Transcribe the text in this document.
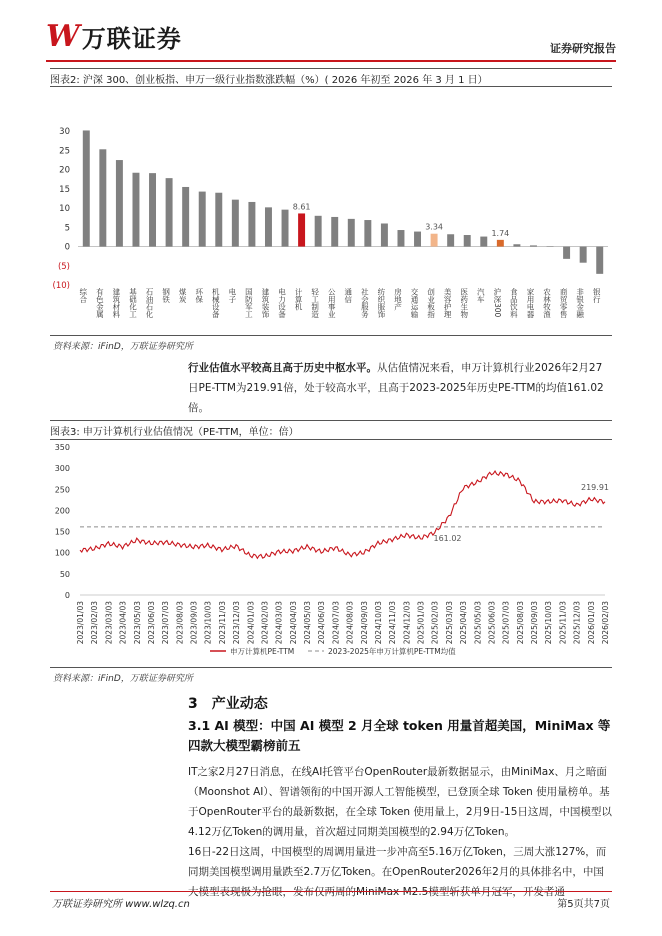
W 万联证券	证券研究报告
图表2: 沪深 300、创业板指、申万一级行业指数涨跌幅（%）( 2026 年初至 2026 年 3 月 1 日）
(10)
(5)
0
5
10
15
20
25
30
综合 有色金属 建筑材料 基础化工 石油石化 钢铁 煤炭 环保 机械设备 电子 国防军工 建筑装饰 电力设备
8.61
计算机 轻工制造 公用事业 通信 社会服务 纺织服饰 房地产 交通运输
3.34
创业板指 美容护理 医药生物 汽车
1.74
沪深300 食品饮料 家用电器 农林牧渔 商贸零售 非银金融 银行
资料来源：iFinD，万联证券研究所
行业估值水平较高且高于历史中枢水平。从估值情况来看，申万计算机行业2026年2月27日PE-TTM为219.91倍，处于较高水平，且高于2023-2025年历史PE-TTM的均值161.02倍。
图表3: 申万计算机行业估值情况（PE-TTM，单位：倍）
0
50
100
150
200
250
300
350
2023/01/03 2023/02/03 2023/03/03 2023/04/03 2023/05/03 2023/06/03 2023/07/03 2023/08/03 2023/09/03 2023/10/03 2023/11/03 2023/12/03 2024/01/03 2024/02/03 2024/03/03 2024/04/03 2024/05/03 2024/06/03 2024/07/03 2024/08/03 2024/09/03 2024/10/03 2024/11/03 2024/12/03 2025/01/03 2025/02/03 2025/03/03 2025/04/03 2025/05/03 2025/06/03 2025/07/03 2025/08/03 2025/09/03 2025/10/03 2025/11/03 2025/12/03 2026/01/03 2026/02/03
161.02
219.91
申万计算机PE-TTM	2023-2025年申万计算机PE-TTM均值
资料来源：iFinD，万联证券研究所
3 产业动态
3.1 AI 模型：中国 AI 模型 2 月全球 token 用量首超美国，MiniMax 等四款大模型霸榜前五
IT之家2月27日消息，在线AI托管平台OpenRouter最新数据显示，由MiniMax、月之暗面（Moonshot AI）、智谱领衔的中国开源人工智能模型，已登顶全球 Token 使用量榜单。基于OpenRouter平台的最新数据，在全球 Token 使用量上，2月9日-15日这周，中国模型以4.12万亿Token的调用量，首次超过同期美国模型的2.94万亿Token。
16日-22日这周，中国模型的周调用量进一步冲高至5.16万亿Token，三周大涨127%，而同期美国模型调用量跌至2.7万亿Token。在OpenRouter2026年2月的具体排名中，中国大模型表现极为抢眼，发布仅两周的MiniMax M2.5模型斩获单月冠军，开发者通
万联证券研究所 www.wlzq.cn	第5页共7页
